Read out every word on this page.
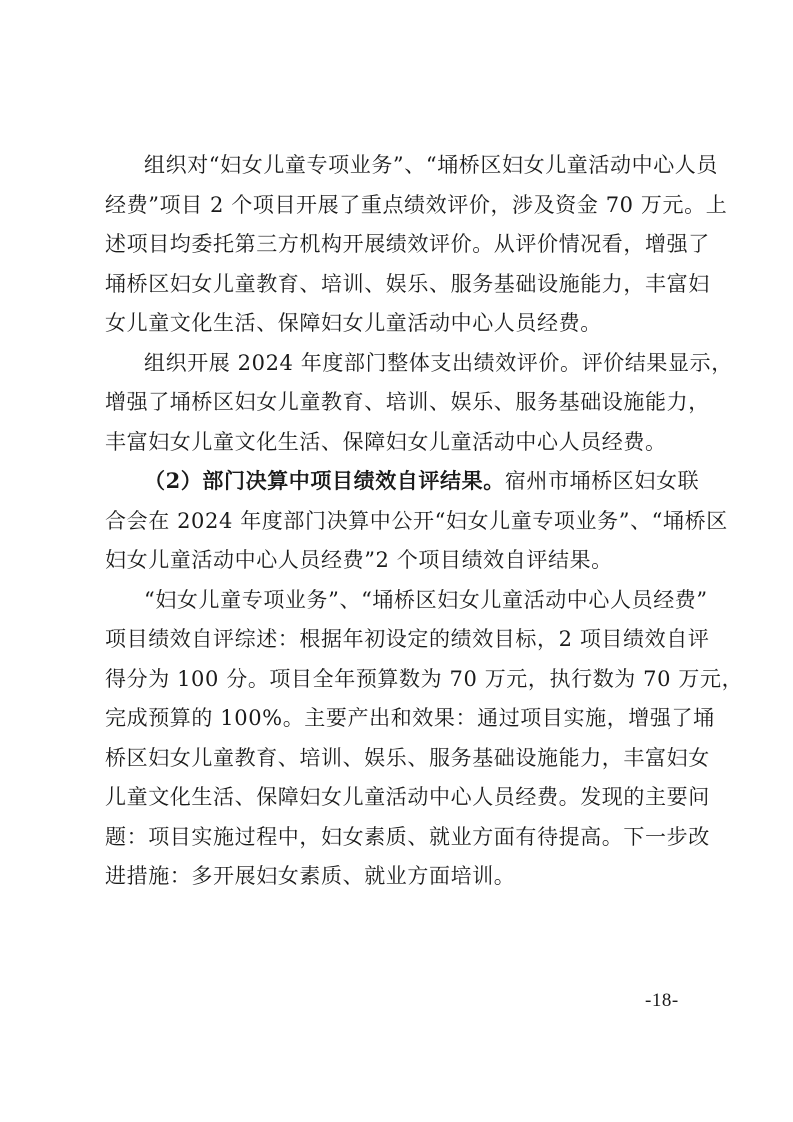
组织对“妇女儿童专项业务”、“埇桥区妇女儿童活动中心人员
经费”项目 2 个项目开展了重点绩效评价，涉及资金 70 万元。上
述项目均委托第三方机构开展绩效评价。从评价情况看，增强了
埇桥区妇女儿童教育、培训、娱乐、服务基础设施能力，丰富妇
女儿童文化生活、保障妇女儿童活动中心人员经费。
组织开展 2024 年度部门整体支出绩效评价。评价结果显示，
增强了埇桥区妇女儿童教育、培训、娱乐、服务基础设施能力，
丰富妇女儿童文化生活、保障妇女儿童活动中心人员经费。
（2）部门决算中项目绩效自评结果。宿州市埇桥区妇女联
合会在 2024 年度部门决算中公开“妇女儿童专项业务”、“埇桥区
妇女儿童活动中心人员经费”2 个项目绩效自评结果。
“妇女儿童专项业务”、“埇桥区妇女儿童活动中心人员经费”
项目绩效自评综述：根据年初设定的绩效目标，2 项目绩效自评
得分为 100 分。项目全年预算数为 70 万元，执行数为 70 万元，
完成预算的 100%。主要产出和效果：通过项目实施，增强了埇
桥区妇女儿童教育、培训、娱乐、服务基础设施能力，丰富妇女
儿童文化生活、保障妇女儿童活动中心人员经费。发现的主要问
题：项目实施过程中，妇女素质、就业方面有待提高。下一步改
进措施：多开展妇女素质、就业方面培训。
-18-
